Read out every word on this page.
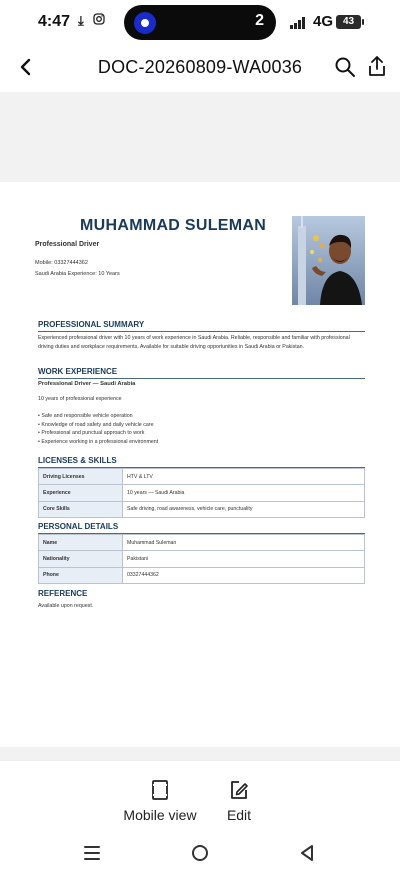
4:47 ⤓	2	4G 43
DOC-20260809-WA0036
MUHAMMAD SULEMAN
Professional Driver
Mobile: 03327444362
Saudi Arabia Experience: 10 Years
PROFESSIONAL SUMMARY
Experienced professional driver with 10 years of work experience in Saudi Arabia. Reliable, responsible and familiar with professional driving duties and workplace requirements. Available for suitable driving opportunities in Saudi Arabia or Pakistan.
WORK EXPERIENCE
Professional Driver — Saudi Arabia
10 years of professional experience
• Safe and responsible vehicle operation
• Knowledge of road safety and daily vehicle care
• Professional and punctual approach to work
• Experience working in a professional environment
LICENSES & SKILLS
Driving Licenses	HTV & LTV
Experience	10 years — Saudi Arabia
Core Skills	Safe driving, road awareness, vehicle care, punctuality
PERSONAL DETAILS
Name	Muhammad Suleman
Nationality	Pakistani
Phone	03327444362
REFERENCE
Available upon request.
Mobile view	Edit
